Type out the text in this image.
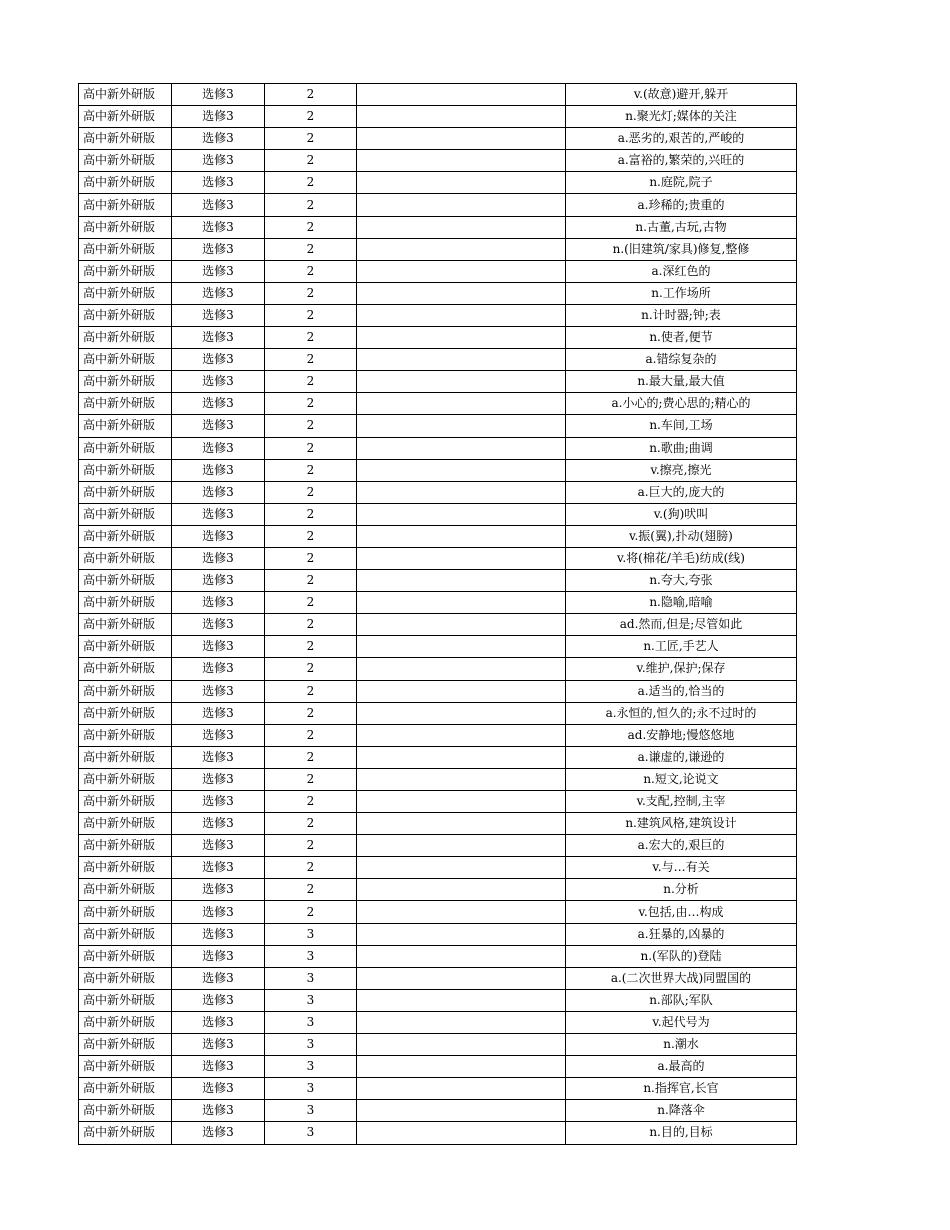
高中新外研版	选修3	2		v.(故意)避开,躲开
高中新外研版	选修3	2		n.聚光灯;媒体的关注
高中新外研版	选修3	2		a.恶劣的,艰苦的,严峻的
高中新外研版	选修3	2		a.富裕的,繁荣的,兴旺的
高中新外研版	选修3	2		n.庭院,院子
高中新外研版	选修3	2		a.珍稀的;贵重的
高中新外研版	选修3	2		n.古董,古玩,古物
高中新外研版	选修3	2		n.(旧建筑/家具)修复,整修
高中新外研版	选修3	2		a.深红色的
高中新外研版	选修3	2		n.工作场所
高中新外研版	选修3	2		n.计时器;钟;表
高中新外研版	选修3	2		n.使者,便节
高中新外研版	选修3	2		a.错综复杂的
高中新外研版	选修3	2		n.最大量,最大值
高中新外研版	选修3	2		a.小心的;费心思的;精心的
高中新外研版	选修3	2		n.车间,工场
高中新外研版	选修3	2		n.歌曲;曲调
高中新外研版	选修3	2		v.擦亮,擦光
高中新外研版	选修3	2		a.巨大的,庞大的
高中新外研版	选修3	2		v.(狗)吠叫
高中新外研版	选修3	2		v.振(翼),扑动(翅膀)
高中新外研版	选修3	2		v.将(棉花/羊毛)纺成(线)
高中新外研版	选修3	2		n.夸大,夸张
高中新外研版	选修3	2		n.隐喻,暗喻
高中新外研版	选修3	2		ad.然而,但是;尽管如此
高中新外研版	选修3	2		n.工匠,手艺人
高中新外研版	选修3	2		v.维护,保护;保存
高中新外研版	选修3	2		a.适当的,恰当的
高中新外研版	选修3	2		a.永恒的,恒久的;永不过时的
高中新外研版	选修3	2		ad.安静地;慢悠悠地
高中新外研版	选修3	2		a.谦虚的,谦逊的
高中新外研版	选修3	2		n.短文,论说文
高中新外研版	选修3	2		v.支配,控制,主宰
高中新外研版	选修3	2		n.建筑风格,建筑设计
高中新外研版	选修3	2		a.宏大的,艰巨的
高中新外研版	选修3	2		v.与…有关
高中新外研版	选修3	2		n.分析
高中新外研版	选修3	2		v.包括,由…构成
高中新外研版	选修3	3		a.狂暴的,凶暴的
高中新外研版	选修3	3		n.(军队的)登陆
高中新外研版	选修3	3		a.(二次世界大战)同盟国的
高中新外研版	选修3	3		n.部队;军队
高中新外研版	选修3	3		v.起代号为
高中新外研版	选修3	3		n.潮水
高中新外研版	选修3	3		a.最高的
高中新外研版	选修3	3		n.指挥官,长官
高中新外研版	选修3	3		n.降落伞
高中新外研版	选修3	3		n.目的,目标
